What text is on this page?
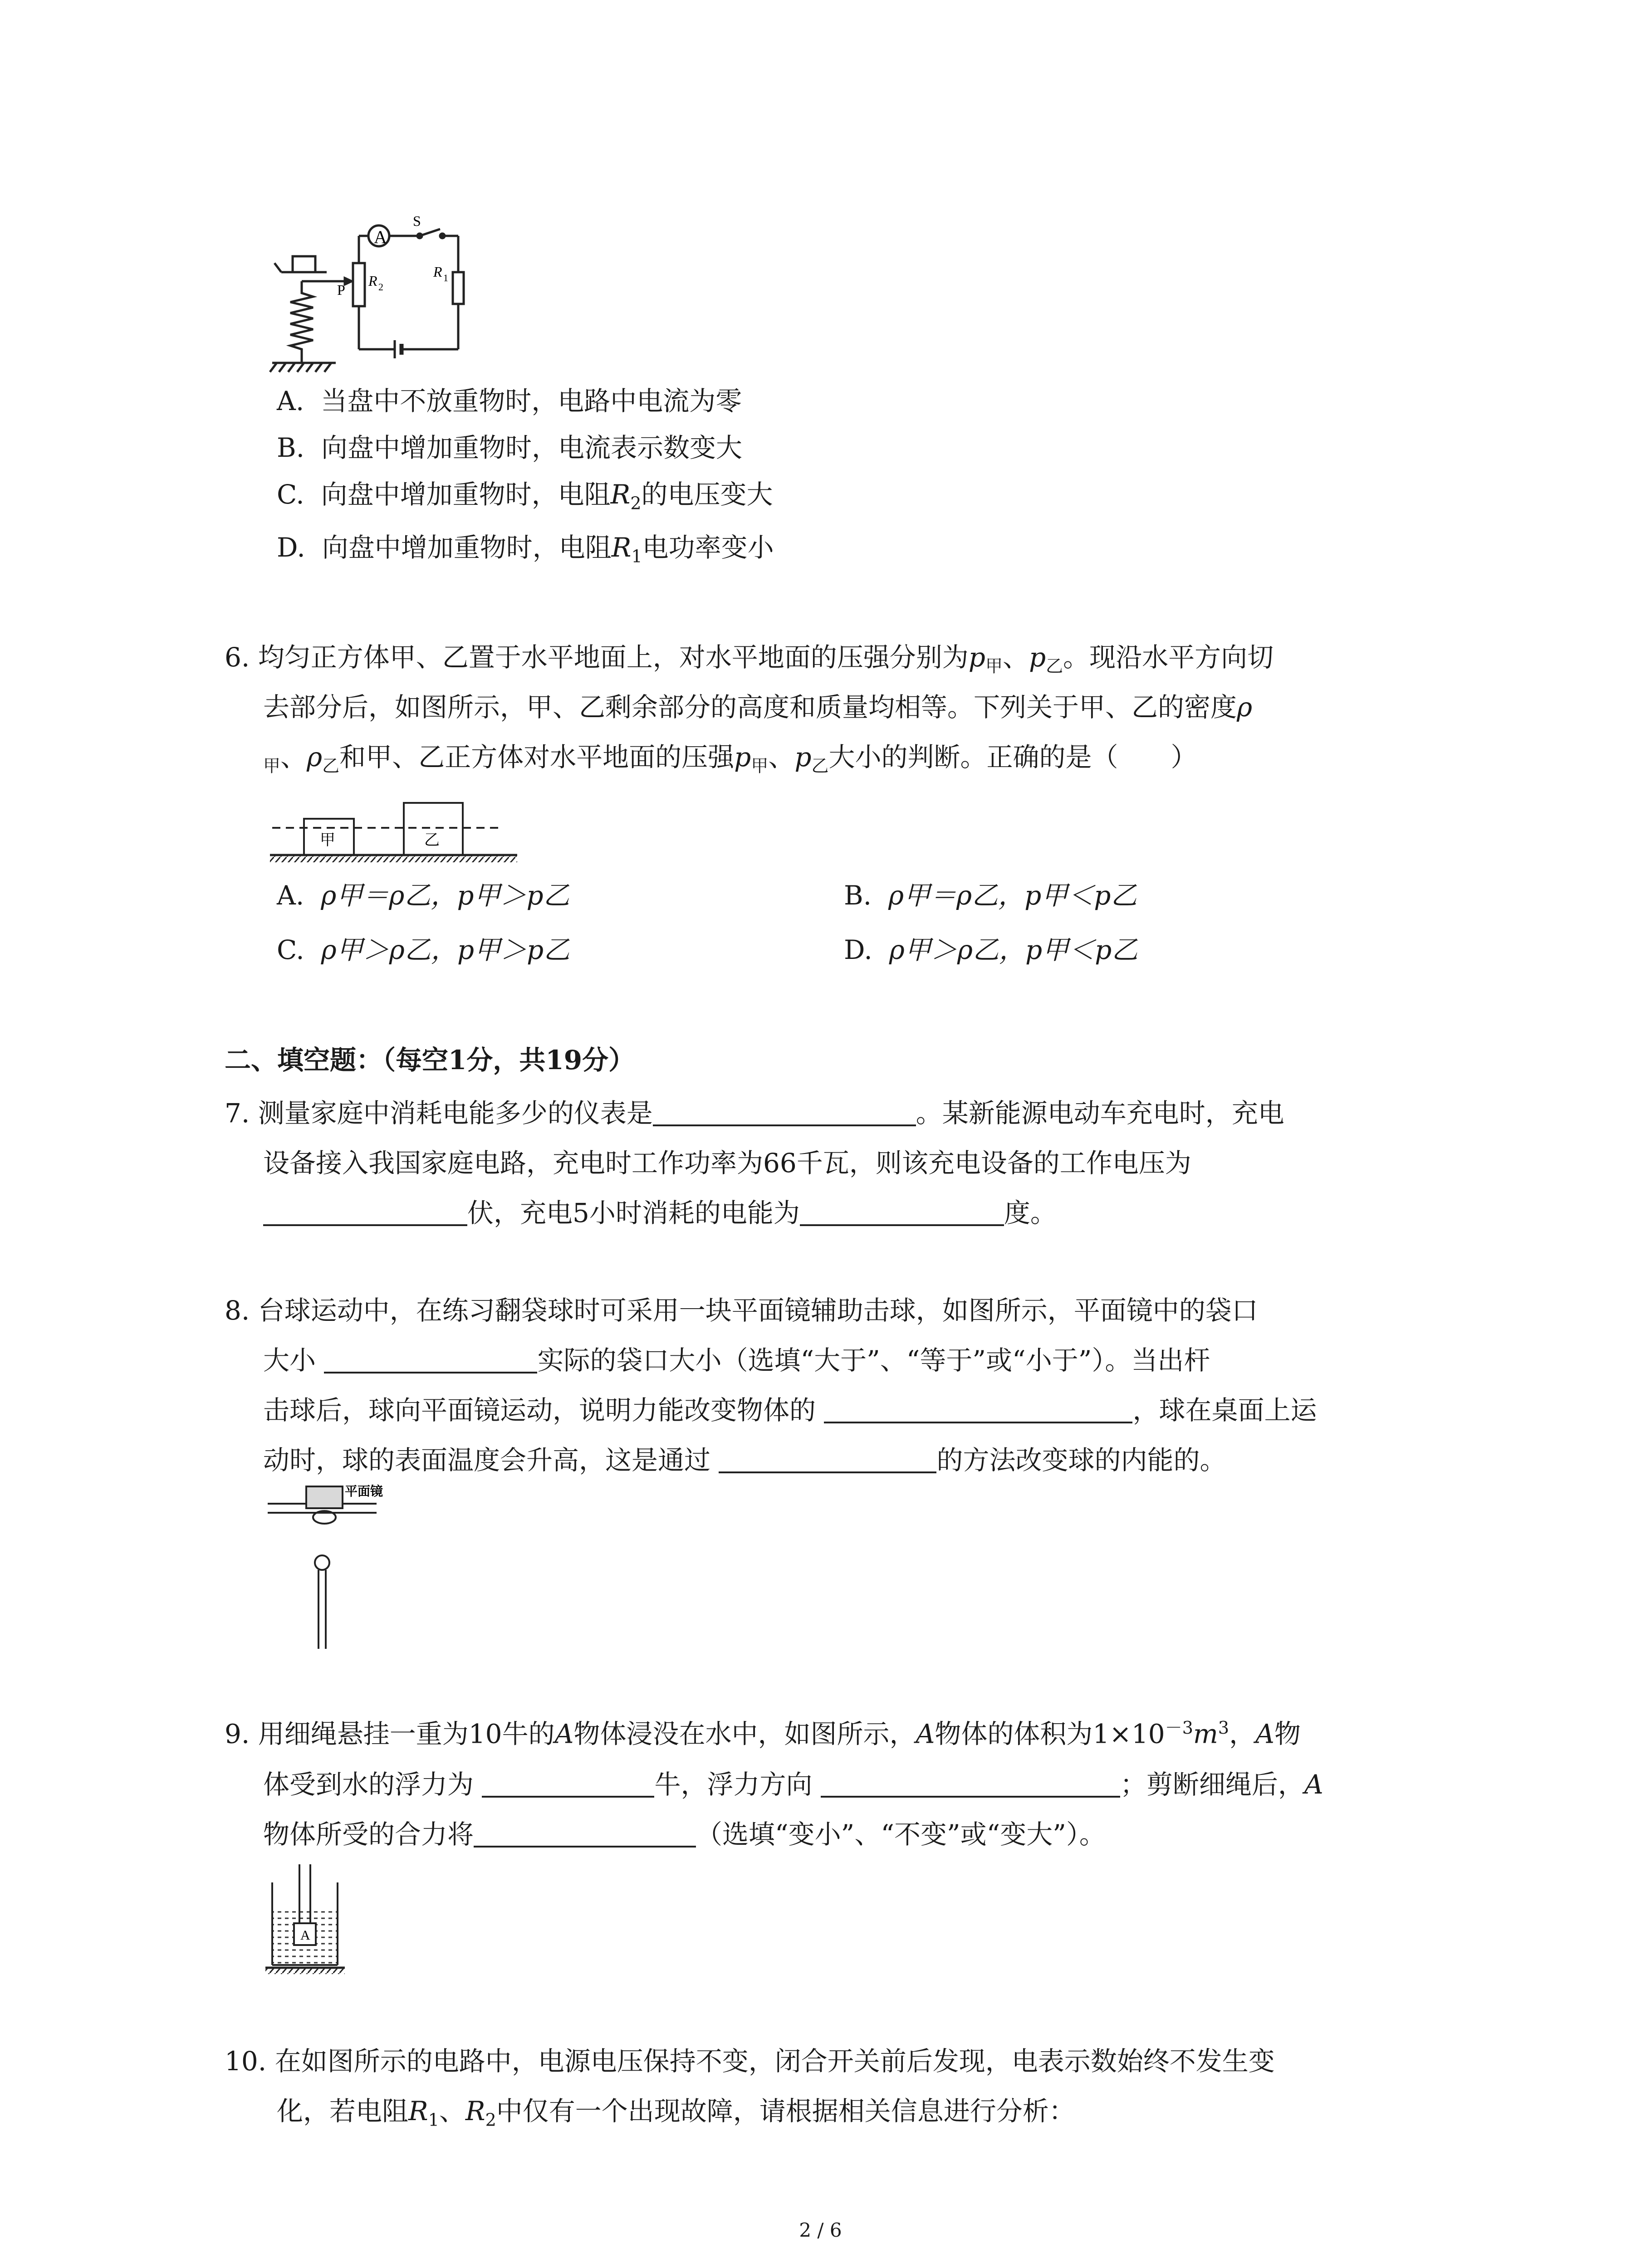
A
S
P
R 2
R 1
A. 当盘中不放重物时，电路中电流为零
B. 向盘中增加重物时，电流表示数变大
C. 向盘中增加重物时，电阻$R_2$的电压变大
D. 向盘中增加重物时，电阻$R_1$电功率变小
6. 均匀正方体甲、乙置于水平地面上，对水平地面的压强分别为$p_甲$、$p_乙$。现沿水平方向切
去部分后，如图所示，甲、乙剩余部分的高度和质量均相等。下列关于甲、乙的密度ρ
$_甲$、$\rho_乙$和甲、乙正方体对水平地面的压强$p_甲$、$p_乙$大小的判断。正确的是（　　）
甲	乙
A. ρ甲＝ρ乙，p甲＞p乙	B. ρ甲＝ρ乙，p甲＜p乙
C. ρ甲＞ρ乙，p甲＞p乙	D. ρ甲＞ρ乙，p甲＜p乙
二、填空题：（每空1分，共19分）
7. 测量家庭中消耗电能多少的仪表是	。某新能源电动车充电时，充电
设备接入我国家庭电路，充电时工作功率为66千瓦，则该充电设备的工作电压为
伏，充电5小时消耗的电能为	度。
8. 台球运动中，在练习翻袋球时可采用一块平面镜辅助击球，如图所示，平面镜中的袋口
大小	实际的袋口大小（选填“大于”、“等于”或“小于”）。当出杆
击球后，球向平面镜运动，说明力能改变物体的	，球在桌面上运
动时，球的表面温度会升高，这是通过	的方法改变球的内能的。
平面镜
9. 用细绳悬挂一重为10牛的A物体浸没在水中，如图所示，A物体的体积为$1\times 10^{-3}m^3$，A物
体受到水的浮力为	牛，浮力方向	；剪断细绳后，A
物体所受的合力将	（选填“变小”、“不变”或“变大”）。
A
10. 在如图所示的电路中，电源电压保持不变，闭合开关前后发现，电表示数始终不发生变
化，若电阻$R_1$、$R_2$中仅有一个出现故障，请根据相关信息进行分析：
2 / 6
